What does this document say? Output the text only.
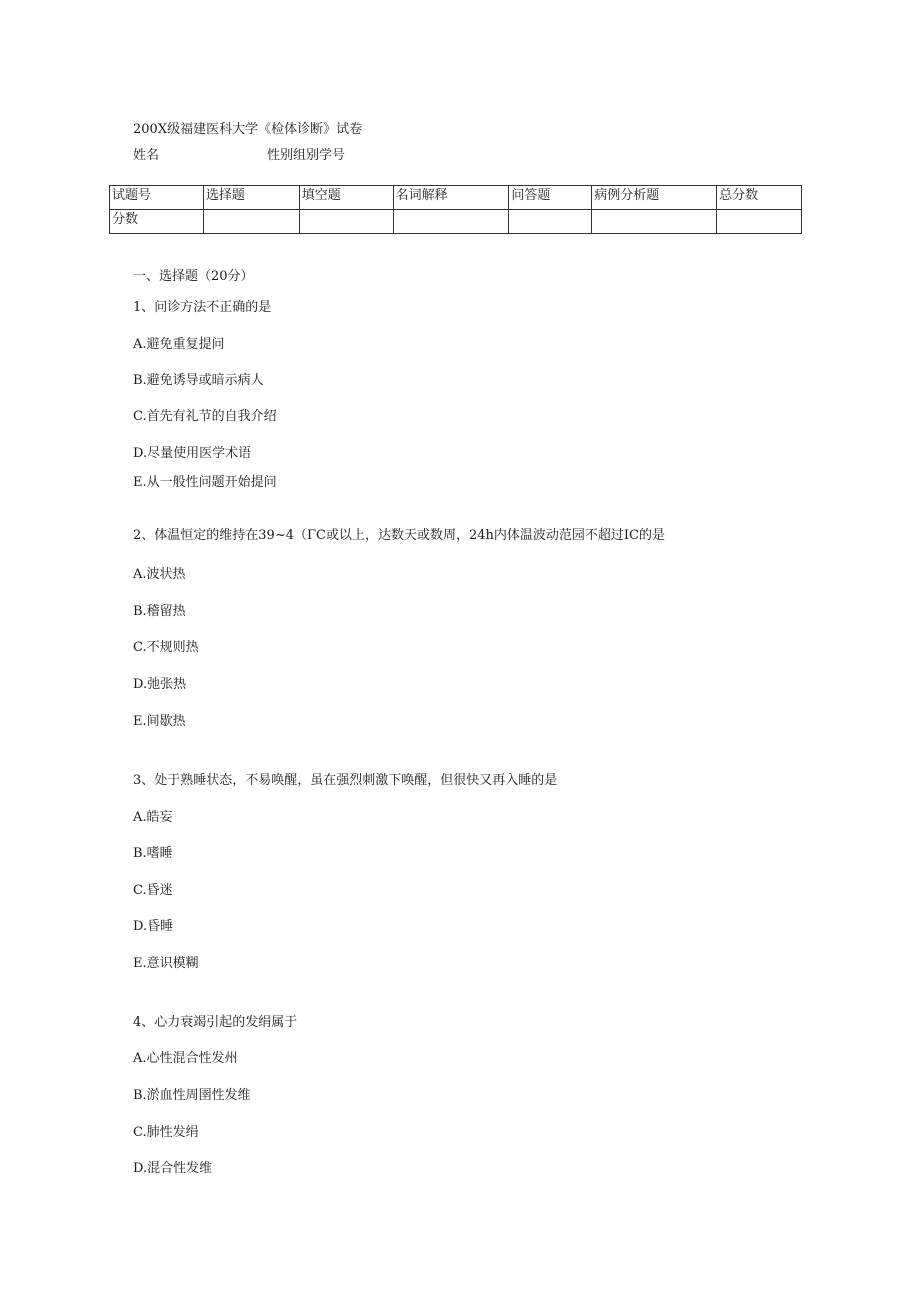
200X级福建医科大学《检体诊断》试卷
姓名	性别组别学号
试题号	选择题	填空题	名词解释	问答题	病例分析题	总分数
分数						
一、选择题（20分）
1、问诊方法不正确的是
A.避免重复提问
B.避免诱导或暗示病人
C.首先有礼节的自我介绍
D.尽量使用医学术语
E.从一般性问题开始提问
2、体温恒定的维持在39~4（ΓC或以上，达数天或数周，24h内体温波动范园不超过IC的是
A.波状热
B.稽留热
C.不规则热
D.弛张热
E.间歇热
3、处于熟睡状态，不易唤醒，虽在强烈刺激下唤醒，但很快又再入睡的是
A.皓妄
B.嗜睡
C.昏迷
D.昏睡
E.意识模糊
4、心力衰竭引起的发绢属于
A.心性混合性发州
B.淤血性周圉性发维
C.肺性发绢
D.混合性发维
